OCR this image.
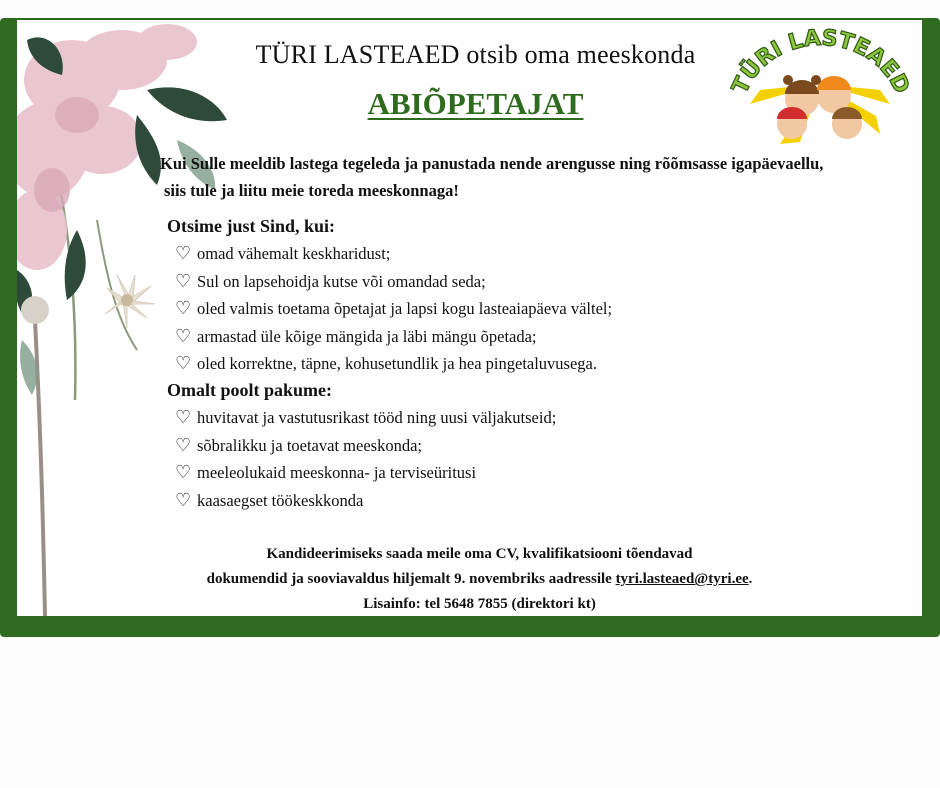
TÜRI LASTEAED
TÜRI LASTEAED otsib oma meeskonda
ABIÕPETAJAT
Kui Sulle meeldib lastega tegeleda ja panustada nende arengusse ning rõõmsasse igapäevaellu,
siis tule ja liitu meie toreda meeskonnaga!
Otsime just Sind, kui:
♡ omad vähemalt keskharidust;
♡ Sul on lapsehoidja kutse või omandad seda;
♡ oled valmis toetama õpetajat ja lapsi kogu lasteaiapäeva vältel;
♡ armastad üle kõige mängida ja läbi mängu õpetada;
♡ oled korrektne, täpne, kohusetundlik ja hea pingetaluvusega.
Omalt poolt pakume:
♡ huvitavat ja vastutusrikast tööd ning uusi väljakutseid;
♡ sõbralikku ja toetavat meeskonda;
♡ meeleolukaid meeskonna- ja terviseüritusi
♡ kaasaegset töökeskkonda
Kandideerimiseks saada meile oma CV, kvalifikatsiooni tõendavad
dokumendid ja sooviavaldus hiljemalt 9. novembriks aadressile tyri.lasteaed@tyri.ee.
Lisainfo: tel 5648 7855 (direktori kt)
